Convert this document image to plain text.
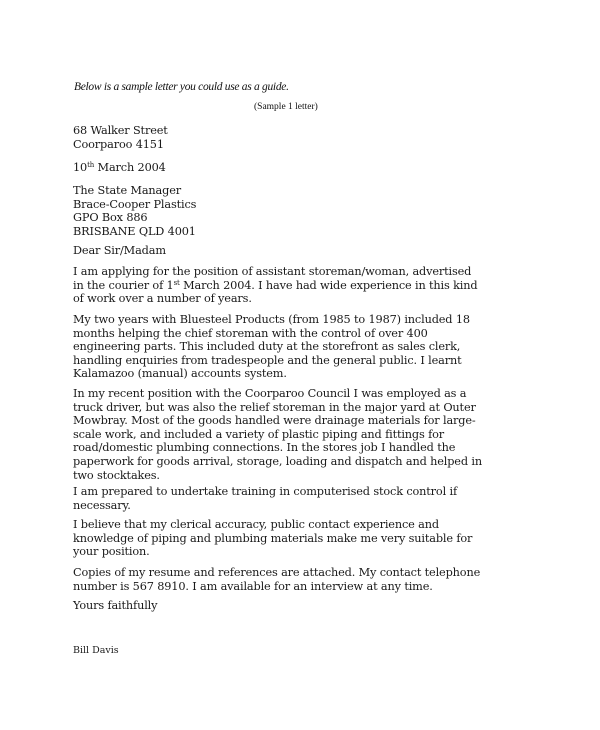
Below is a sample letter you could use as a guide.
(Sample 1 letter)
68 Walker Street
Coorparoo 4151
10th March 2004
The State Manager
Brace-Cooper Plastics
GPO Box 886
BRISBANE QLD 4001
Dear Sir/Madam
I am applying for the position of assistant storeman/woman, advertised
in the courier of 1st March 2004. I have had wide experience in this kind
of work over a number of years.
My two years with Bluesteel Products (from 1985 to 1987) included 18
months helping the chief storeman with the control of over 400
engineering parts. This included duty at the storefront as sales clerk,
handling enquiries from tradespeople and the general public. I learnt
Kalamazoo (manual) accounts system.
In my recent position with the Coorparoo Council I was employed as a
truck driver, but was also the relief storeman in the major yard at Outer
Mowbray. Most of the goods handled were drainage materials for large-
scale work, and included a variety of plastic piping and fittings for
road/domestic plumbing connections. In the stores job I handled the
paperwork for goods arrival, storage, loading and dispatch and helped in
two stocktakes.
I am prepared to undertake training in computerised stock control if
necessary.
I believe that my clerical accuracy, public contact experience and
knowledge of piping and plumbing materials make me very suitable for
your position.
Copies of my resume and references are attached. My contact telephone
number is 567 8910. I am available for an interview at any time.
Yours faithfully
Bill Davis
